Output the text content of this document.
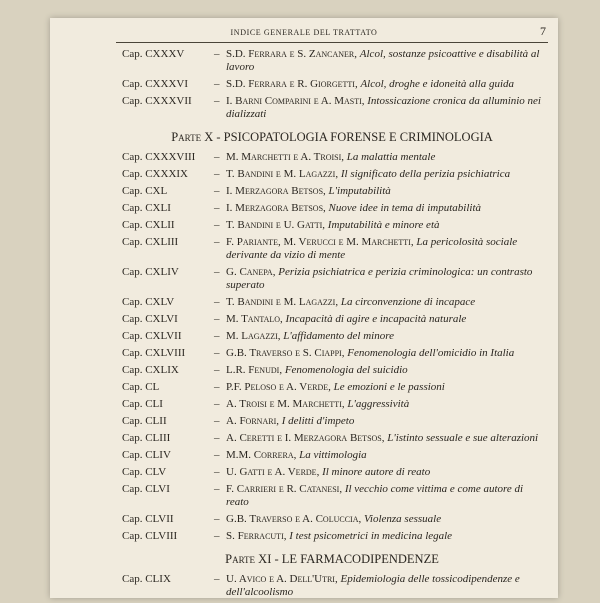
INDICE GENERALE DEL TRATTATO	7
Cap. CXXXV	– S.D. Ferrara e S. Zancaner, Alcol, sostanze psicoattive e disabilità al lavoro
Cap. CXXXVI	– S.D. Ferrara e R. Giorgetti, Alcol, droghe e idoneità alla guida
Cap. CXXXVII	– I. Barni Comparini e A. Masti, Intossicazione cronica da alluminio nei dializzati
Parte X - PSICOPATOLOGIA FORENSE E CRIMINOLOGIA
Cap. CXXXVIII	– M. Marchetti e A. Troisi, La malattia mentale
Cap. CXXXIX	– T. Bandini e M. Lagazzi, Il significato della perizia psichiatrica
Cap. CXL	– I. Merzagora Betsos, L'imputabilità
Cap. CXLI	– I. Merzagora Betsos, Nuove idee in tema di imputabilità
Cap. CXLII	– T. Bandini e U. Gatti, Imputabilità e minore età
Cap. CXLIII	– F. Pariante, M. Verucci e M. Marchetti, La pericolosità sociale derivante da vizio di mente
Cap. CXLIV	– G. Canepa, Perizia psichiatrica e perizia criminologica: un contrasto superato
Cap. CXLV	– T. Bandini e M. Lagazzi, La circonvenzione di incapace
Cap. CXLVI	– M. Tantalo, Incapacità di agire e incapacità naturale
Cap. CXLVII	– M. Lagazzi, L'affidamento del minore
Cap. CXLVIII	– G.B. Traverso e S. Ciappi, Fenomenologia dell'omicidio in Italia
Cap. CXLIX	– L.R. Fenudi, Fenomenologia del suicidio
Cap. CL	– P.F. Peloso e A. Verde, Le emozioni e le passioni
Cap. CLI	– A. Troisi e M. Marchetti, L'aggressività
Cap. CLII	– A. Fornari, I delitti d'impeto
Cap. CLIII	– A. Ceretti e I. Merzagora Betsos, L'istinto sessuale e sue alterazioni
Cap. CLIV	– M.M. Correra, La vittimologia
Cap. CLV	– U. Gatti e A. Verde, Il minore autore di reato
Cap. CLVI	– F. Carrieri e R. Catanesi, Il vecchio come vittima e come autore di reato
Cap. CLVII	– G.B. Traverso e A. Coluccia, Violenza sessuale
Cap. CLVIII	– S. Ferracuti, I test psicometrici in medicina legale
Parte XI - LE FARMACODIPENDENZE
Cap. CLIX	– U. Avico e A. Dell'Utri, Epidemiologia delle tossicodipendenze e dell'alcoolismo
